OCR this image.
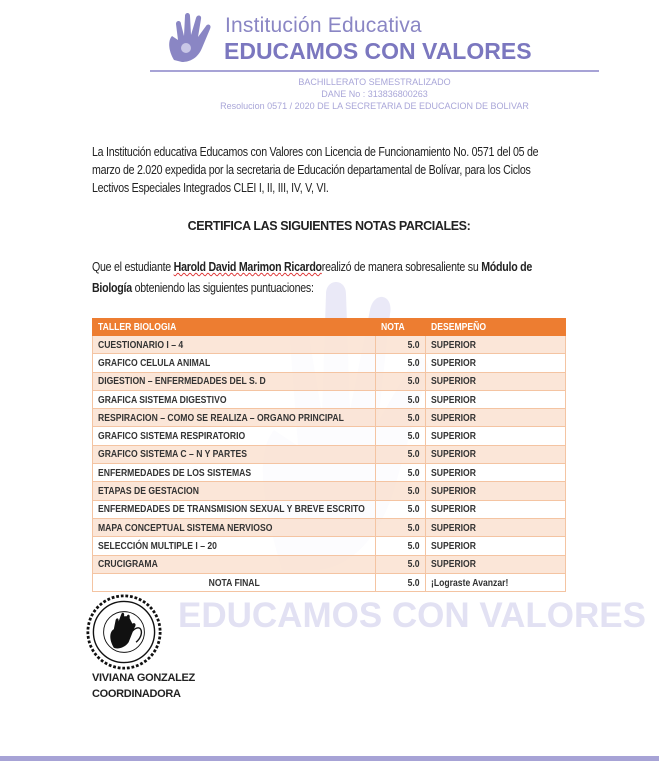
Institución Educativa
EDUCAMOS CON VALORES
BACHILLERATO SEMESTRALIZADO
DANE No : 313836800263
Resolucion 0571 / 2020 DE LA SECRETARIA DE EDUCACION DE BOLIVAR
EDUCAMOS CON VALORES
La Institución educativa Educamos con Valores con Licencia de Funcionamiento No. 0571 del 05 de marzo de 2.020 expedida por la secretaria de Educación departamental de Bolívar, para los Ciclos Lectivos Especiales Integrados CLEI I, II, III, IV, V, VI.
CERTIFICA LAS SIGUIENTES NOTAS PARCIALES:
Que el estudiante Harold David Marimon Ricardorealizó de manera sobresaliente su Módulo de Biología obteniendo las siguientes puntuaciones:
TALLER BIOLOGIA	NOTA	DESEMPEÑO
CUESTIONARIO I – 4	5.0	SUPERIOR
GRAFICO CELULA ANIMAL	5.0	SUPERIOR
DIGESTION – ENFERMEDADES DEL S. D	5.0	SUPERIOR
GRAFICA SISTEMA DIGESTIVO	5.0	SUPERIOR
RESPIRACION – COMO SE REALIZA – ORGANO PRINCIPAL	5.0	SUPERIOR
GRAFICO SISTEMA RESPIRATORIO	5.0	SUPERIOR
GRAFICO SISTEMA C – N Y PARTES	5.0	SUPERIOR
ENFERMEDADES DE LOS SISTEMAS	5.0	SUPERIOR
ETAPAS DE GESTACION	5.0	SUPERIOR
ENFERMEDADES DE TRANSMISION SEXUAL Y BREVE ESCRITO	5.0	SUPERIOR
MAPA CONCEPTUAL SISTEMA NERVIOSO	5.0	SUPERIOR
SELECCIÓN MULTIPLE I – 20	5.0	SUPERIOR
CRUCIGRAMA	5.0	SUPERIOR
NOTA FINAL	5.0	¡Lograste Avanzar!
VIVIANA GONZALEZ
COORDINADORA
